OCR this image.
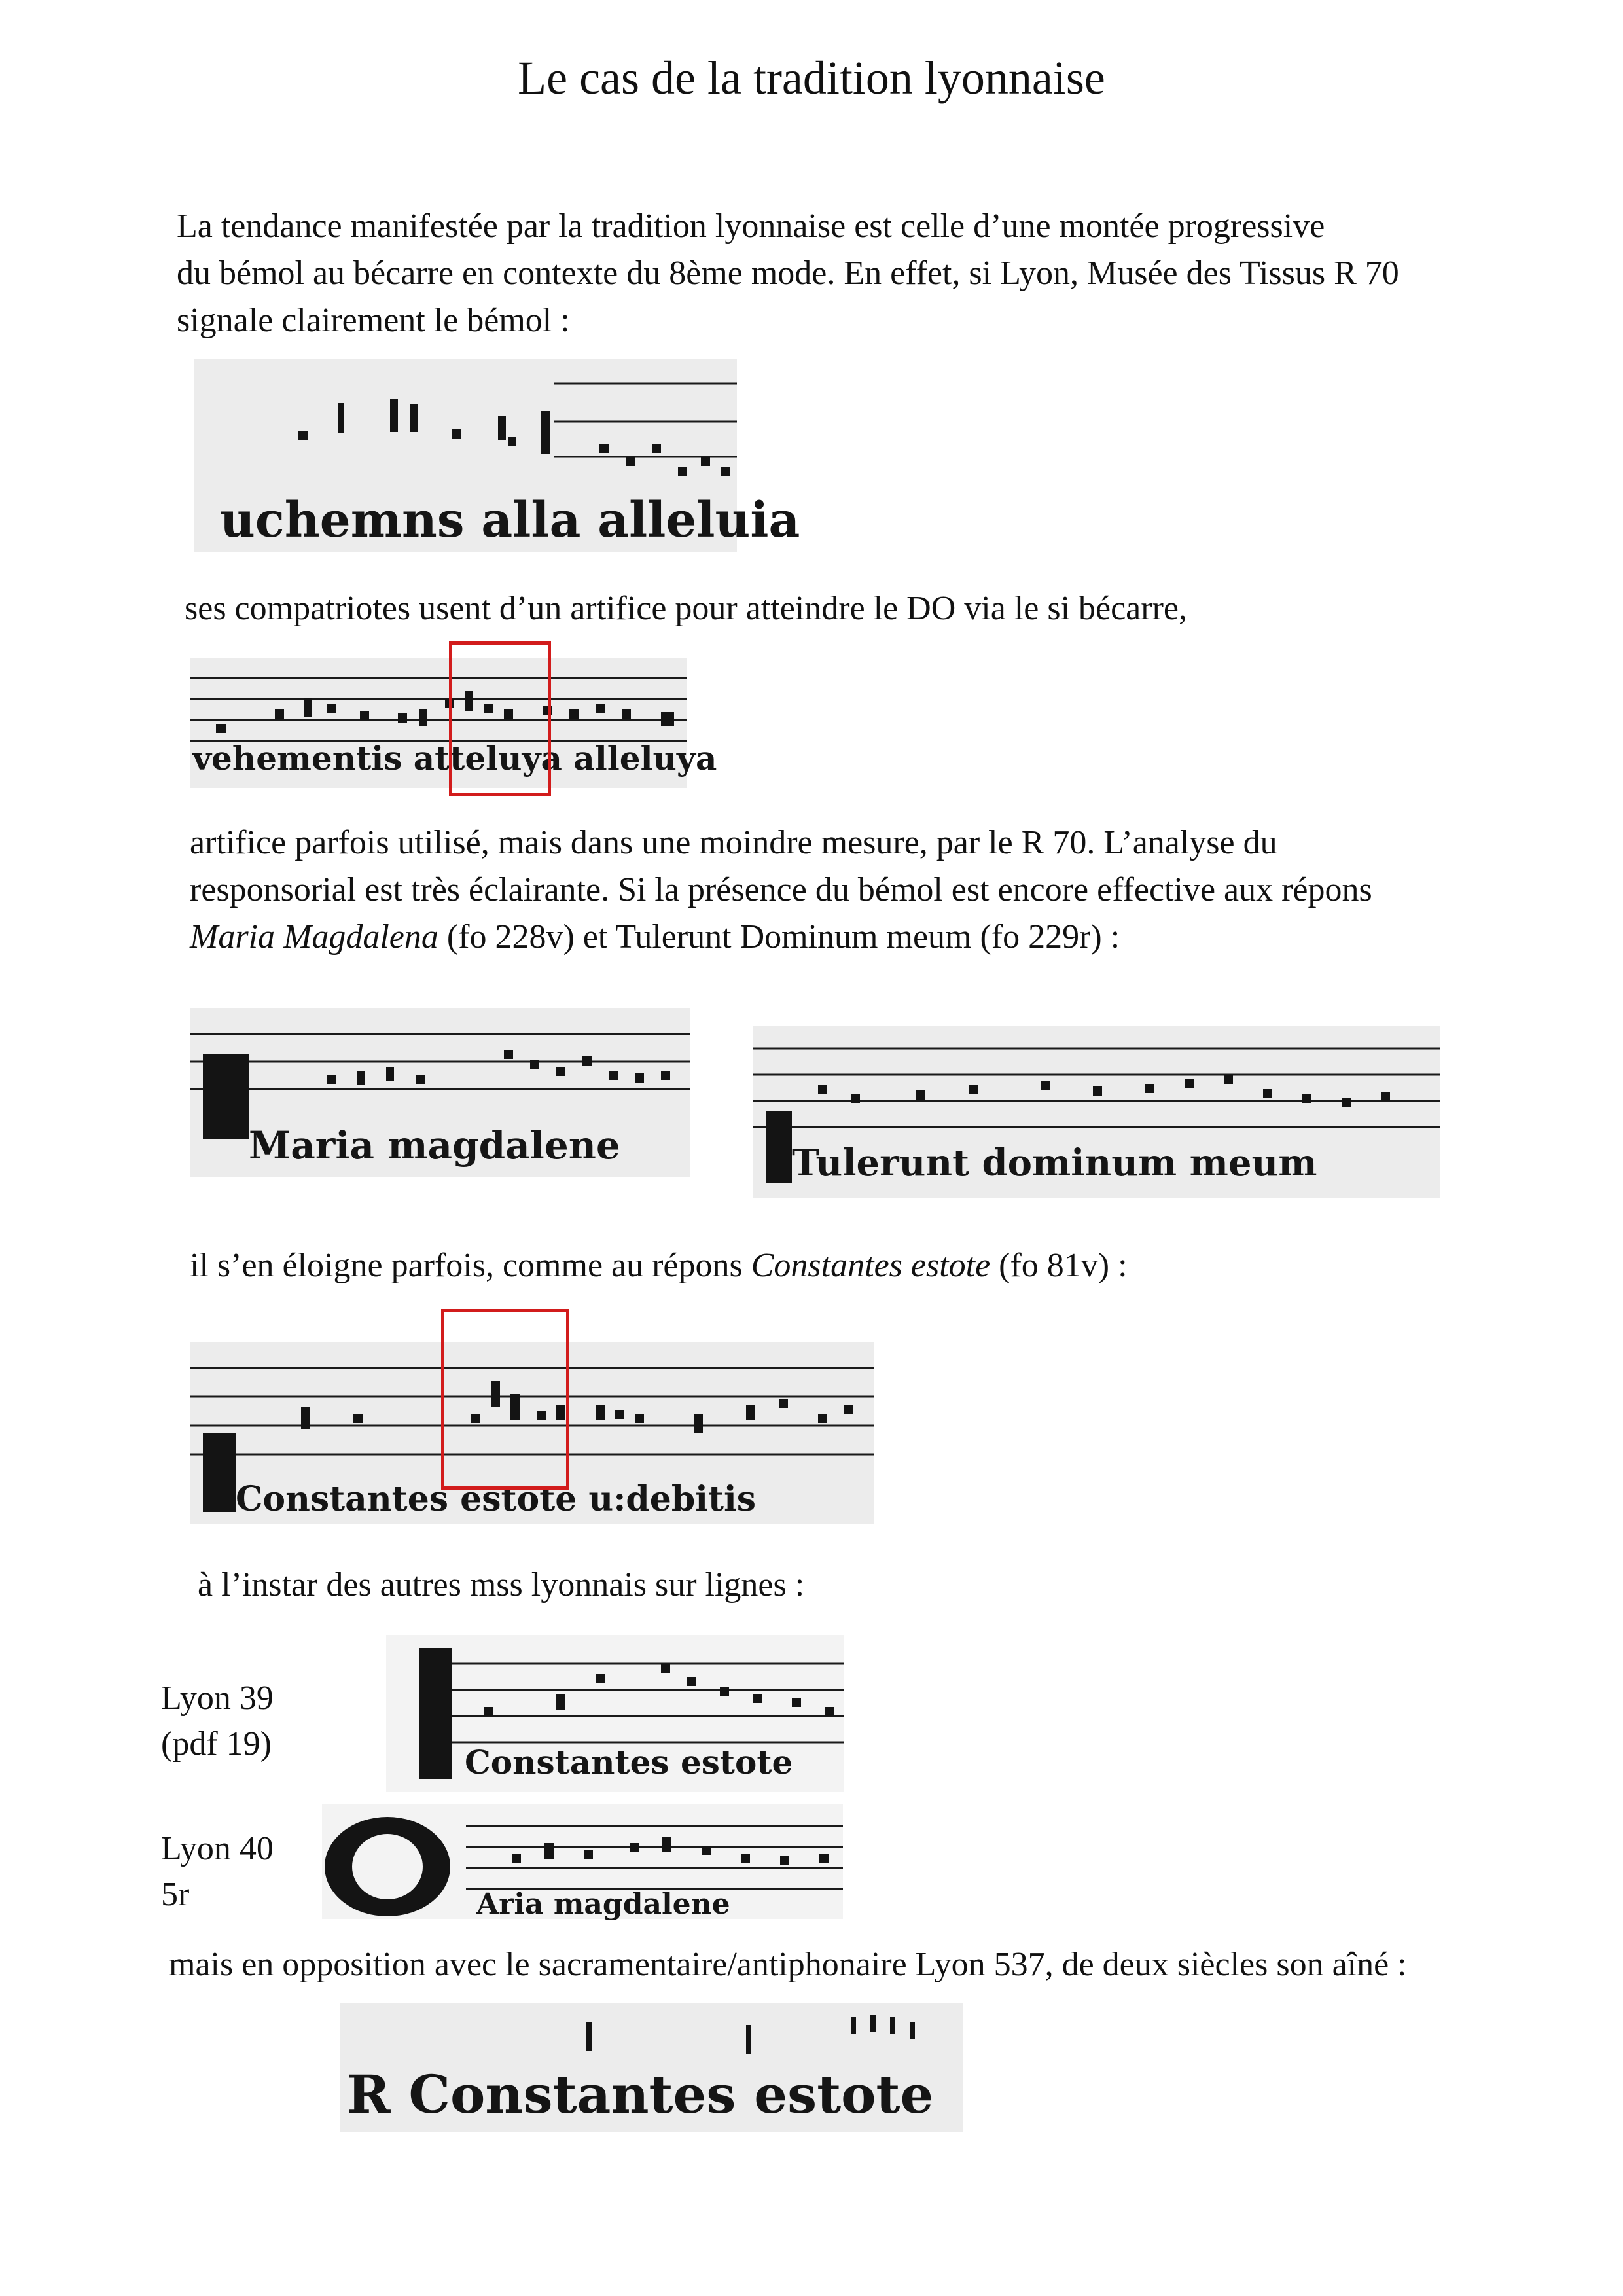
Le cas de la tradition lyonnaise

La tendance manifestée par la tradition lyonnaise est celle d’une montée progressive

du bémol au bécarre en contexte du 8ème mode. En effet, si Lyon, Musée des Tissus R 70

signale clairement le bémol :

uchemns alla alleluia

ses compatriotes usent d’un artifice pour atteindre le DO via le si bécarre,

vehementis atteluya alleluya

artifice parfois utilisé, mais dans une moindre mesure, par le R 70. L’analyse du

responsorial est très éclairante. Si la présence du bémol est encore effective aux répons

Maria Magdalena (fo 228v) et Tulerunt Dominum meum (fo 229r) :

Maria magdalene	Tulerunt dominum meum

il s’en éloigne parfois, comme au répons Constantes estote (fo 81v) :

Constantes estote u:debitis

à l’instar des autres mss lyonnais sur lignes :

Lyon 39
(pdf 19)	Constantes estote
Lyon 40
5r	Aria magdalene

mais en opposition avec le sacramentaire/antiphonaire Lyon 537, de deux siècles son aîné :

R Constantes estote
